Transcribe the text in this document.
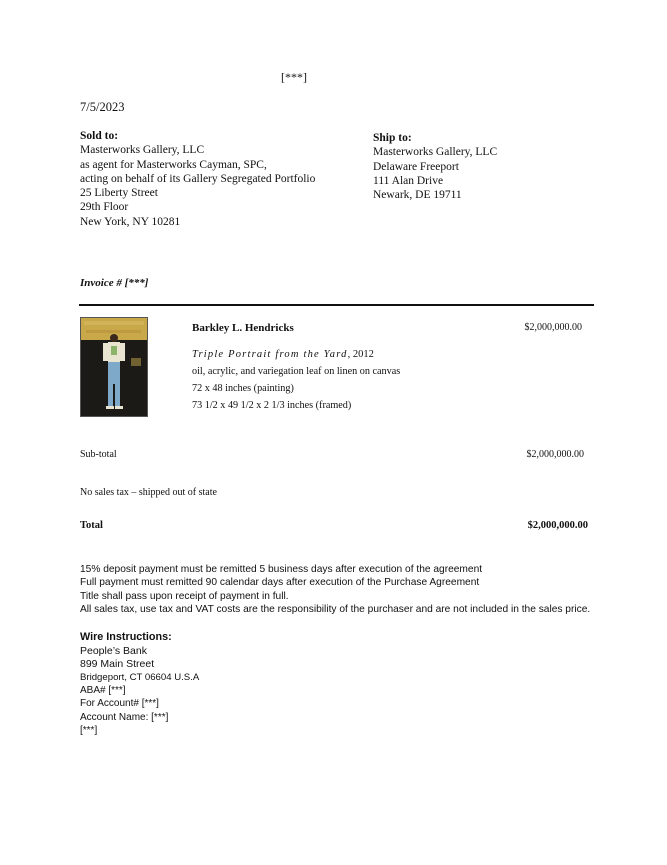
[***]
7/5/2023
Sold to:
Masterworks Gallery, LLC
as agent for Masterworks Cayman, SPC,
acting on behalf of its Gallery Segregated Portfolio
25 Liberty Street
29th Floor
New York, NY 10281
Ship to:
Masterworks Gallery, LLC
Delaware Freeport
111 Alan Drive
Newark, DE 19711
Invoice # [***]
Barkley L. Hendricks	$2,000,000.00
Triple Portrait from the Yard, 2012
oil, acrylic, and variegation leaf on linen on canvas
72 x 48 inches (painting)
73 1/2 x 49 1/2 x 2 1/3 inches (framed)
Sub-total	$2,000,000.00
No sales tax – shipped out of state
Total	$2,000,000.00
15% deposit payment must be remitted 5 business days after execution of the agreement
Full payment must remitted 90 calendar days after execution of the Purchase Agreement
Title shall pass upon receipt of payment in full.
All sales tax, use tax and VAT costs are the responsibility of the purchaser and are not included in the sales price.
Wire Instructions:
People’s Bank
899 Main Street
Bridgeport, CT 06604 U.S.A
ABA# [***]
For Account# [***]
Account Name: [***]
[***]
